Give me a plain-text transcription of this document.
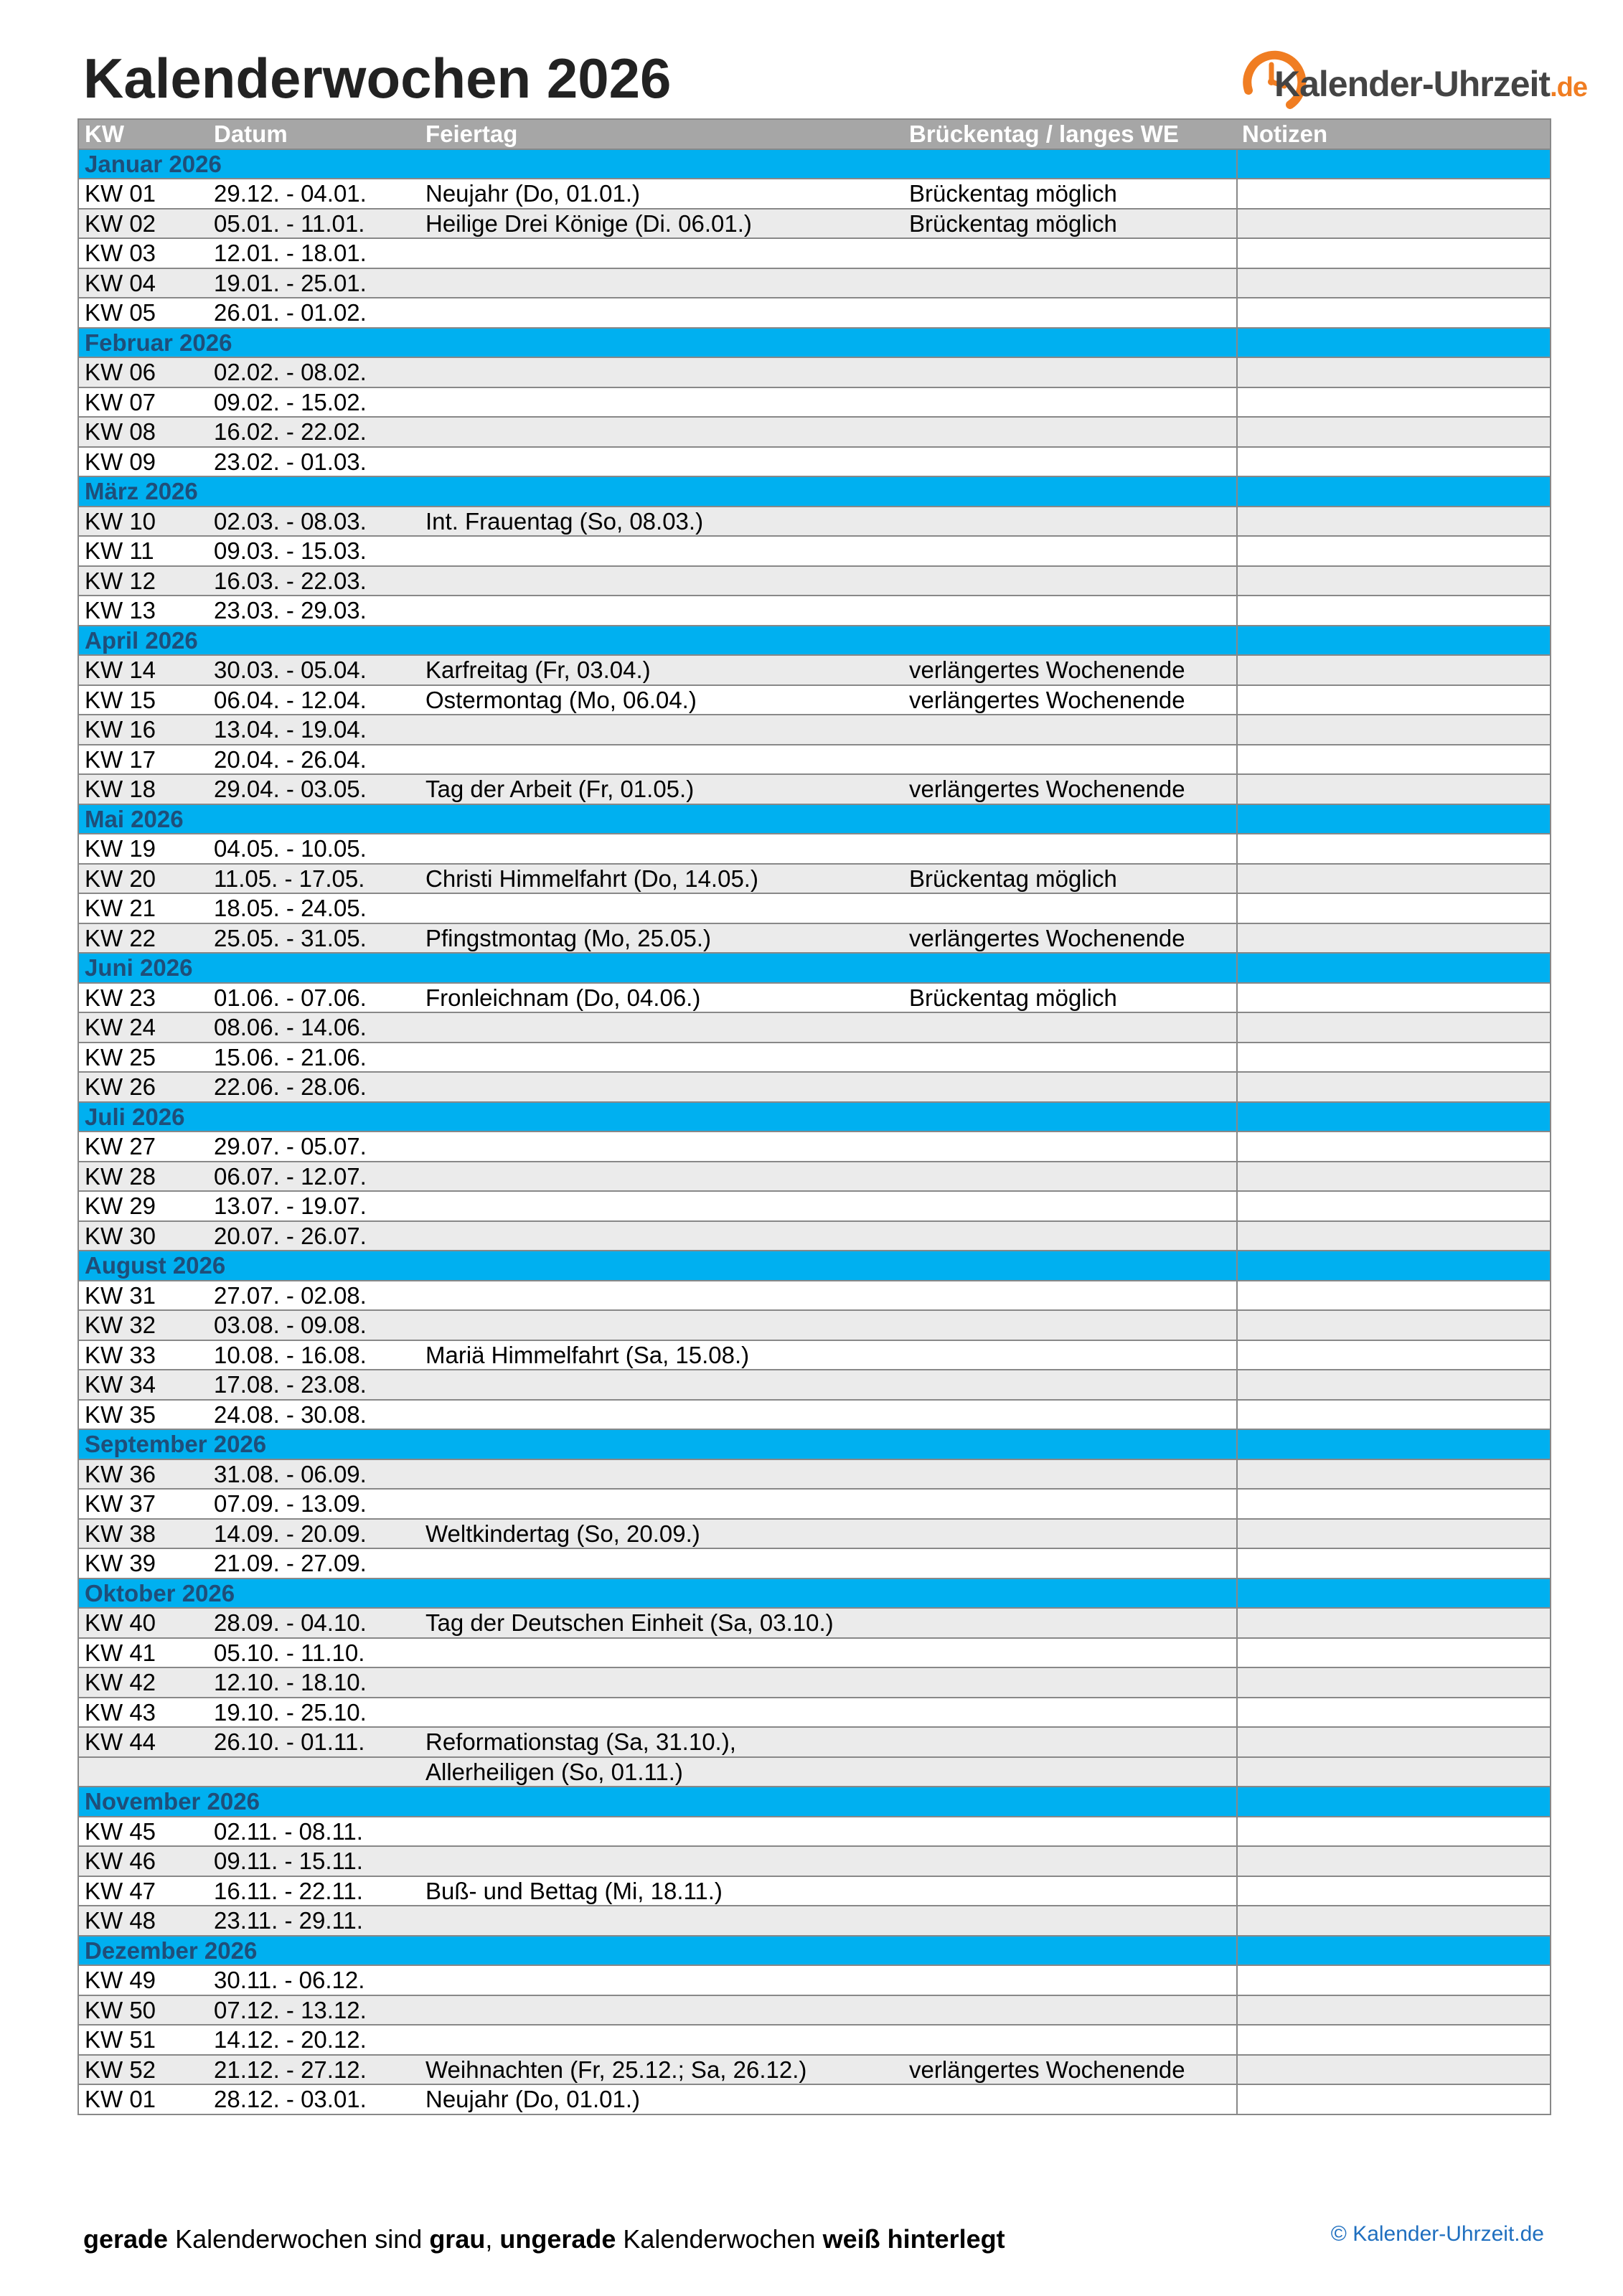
Kalenderwochen 2026	Kalender-Uhrzeit.de
KW	Datum	Feiertag	Brückentag / langes WE	Notizen
Januar 2026
KW 01	29.12. - 04.01.	Neujahr (Do, 01.01.)	Brückentag möglich
KW 02	05.01. - 11.01.	Heilige Drei Könige (Di. 06.01.)	Brückentag möglich
KW 03	12.01. - 18.01.
KW 04	19.01. - 25.01.
KW 05	26.01. - 01.02.
Februar 2026
KW 06	02.02. - 08.02.
KW 07	09.02. - 15.02.
KW 08	16.02. - 22.02.
KW 09	23.02. - 01.03.
März 2026
KW 10	02.03. - 08.03.	Int. Frauentag (So, 08.03.)
KW 11	09.03. - 15.03.
KW 12	16.03. - 22.03.
KW 13	23.03. - 29.03.
April 2026
KW 14	30.03. - 05.04.	Karfreitag (Fr, 03.04.)	verlängertes Wochenende
KW 15	06.04. - 12.04.	Ostermontag (Mo, 06.04.)	verlängertes Wochenende
KW 16	13.04. - 19.04.
KW 17	20.04. - 26.04.
KW 18	29.04. - 03.05.	Tag der Arbeit (Fr, 01.05.)	verlängertes Wochenende
Mai 2026
KW 19	04.05. - 10.05.
KW 20	11.05. - 17.05.	Christi Himmelfahrt (Do, 14.05.)	Brückentag möglich
KW 21	18.05. - 24.05.
KW 22	25.05. - 31.05.	Pfingstmontag (Mo, 25.05.)	verlängertes Wochenende
Juni 2026
KW 23	01.06. - 07.06.	Fronleichnam (Do, 04.06.)	Brückentag möglich
KW 24	08.06. - 14.06.
KW 25	15.06. - 21.06.
KW 26	22.06. - 28.06.
Juli 2026
KW 27	29.07. - 05.07.
KW 28	06.07. - 12.07.
KW 29	13.07. - 19.07.
KW 30	20.07. - 26.07.
August 2026
KW 31	27.07. - 02.08.
KW 32	03.08. - 09.08.
KW 33	10.08. - 16.08.	Mariä Himmelfahrt (Sa, 15.08.)
KW 34	17.08. - 23.08.
KW 35	24.08. - 30.08.
September 2026
KW 36	31.08. - 06.09.
KW 37	07.09. - 13.09.
KW 38	14.09. - 20.09.	Weltkindertag (So, 20.09.)
KW 39	21.09. - 27.09.
Oktober 2026
KW 40	28.09. - 04.10.	Tag der Deutschen Einheit (Sa, 03.10.)
KW 41	05.10. - 11.10.
KW 42	12.10. - 18.10.
KW 43	19.10. - 25.10.
KW 44	26.10. - 01.11.	Reformationstag (Sa, 31.10.),
Allerheiligen (So, 01.11.)
November 2026
KW 45	02.11. - 08.11.
KW 46	09.11. - 15.11.
KW 47	16.11. - 22.11.	Buß- und Bettag (Mi, 18.11.)
KW 48	23.11. - 29.11.
Dezember 2026
KW 49	30.11. - 06.12.
KW 50	07.12. - 13.12.
KW 51	14.12. - 20.12.
KW 52	21.12. - 27.12.	Weihnachten (Fr, 25.12.; Sa, 26.12.)	verlängertes Wochenende
KW 01	28.12. - 03.01.	Neujahr (Do, 01.01.)
gerade Kalenderwochen sind grau, ungerade Kalenderwochen weiß hinterlegt	© Kalender-Uhrzeit.de
